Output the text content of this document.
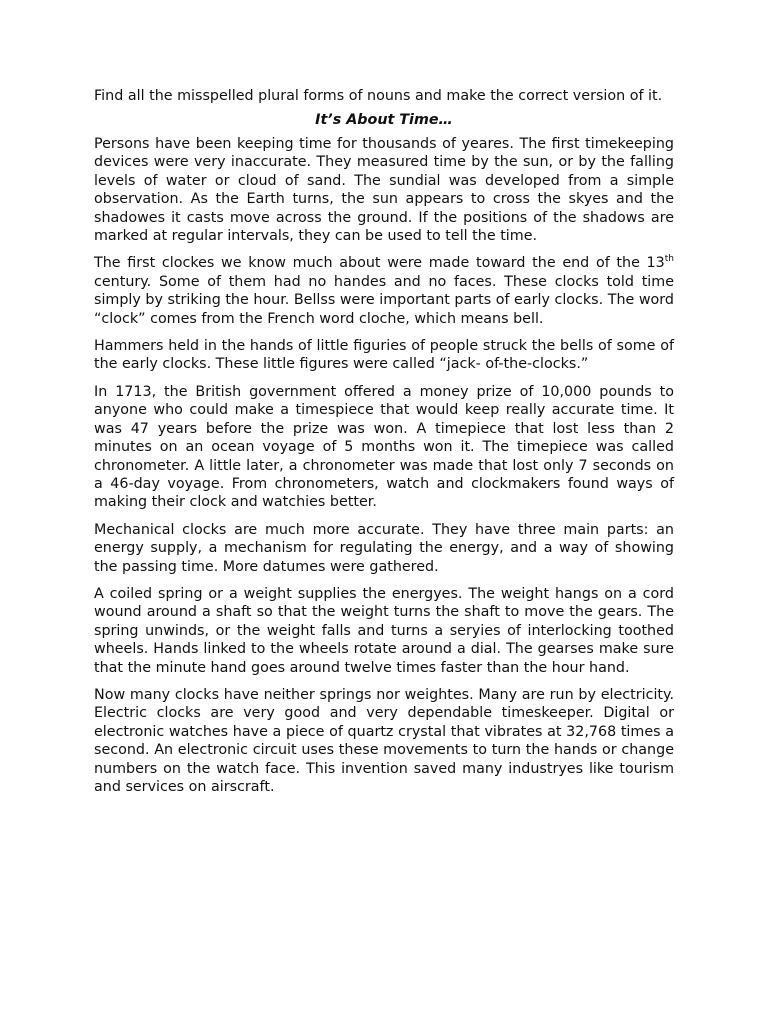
Find all the misspelled plural forms of nouns and make the correct version of it.

It’s About Time…

Persons have been keeping time for thousands of yeares. The first timekeeping devices were very inaccurate. They measured time by the sun, or by the falling levels of water or cloud of sand. The sundial was developed from a simple observation. As the Earth turns, the sun appears to cross the skyes and the shadowes it casts move across the ground. If the positions of the shadows are marked at regular intervals, they can be used to tell the time.

The first clockes we know much about were made toward the end of the 13th century. Some of them had no handes and no faces. These clocks told time simply by striking the hour. Bellss were important parts of early clocks. The word “clock” comes from the French word cloche, which means bell.

Hammers held in the hands of little figuries of people struck the bells of some of the early clocks. These little figures were called “jack- of-the-clocks.”

In 1713, the British government offered a money prize of 10,000 pounds to anyone who could make a timespiece that would keep really accurate time. It was 47 years before the prize was won. A timepiece that lost less than 2 minutes on an ocean voyage of 5 months won it. The timepiece was called chronometer. A little later, a chronometer was made that lost only 7 seconds on a 46-day voyage. From chronometers, watch and clockmakers found ways of making their clock and watchies better.

Mechanical clocks are much more accurate. They have three main parts: an energy supply, a mechanism for regulating the energy, and a way of showing the passing time. More datumes were gathered.

A coiled spring or a weight supplies the energyes. The weight hangs on a cord wound around a shaft so that the weight turns the shaft to move the gears. The spring unwinds, or the weight falls and turns a seryies of interlocking toothed wheels. Hands linked to the wheels rotate around a dial. The gearses make sure that the minute hand goes around twelve times faster than the hour hand.

Now many clocks have neither springs nor weightes. Many are run by electricity. Electric clocks are very good and very dependable timeskeeper. Digital or electronic watches have a piece of quartz crystal that vibrates at 32,768 times a second. An electronic circuit uses these movements to turn the hands or change numbers on the watch face. This invention saved many industryes like tourism and services on airscraft.
